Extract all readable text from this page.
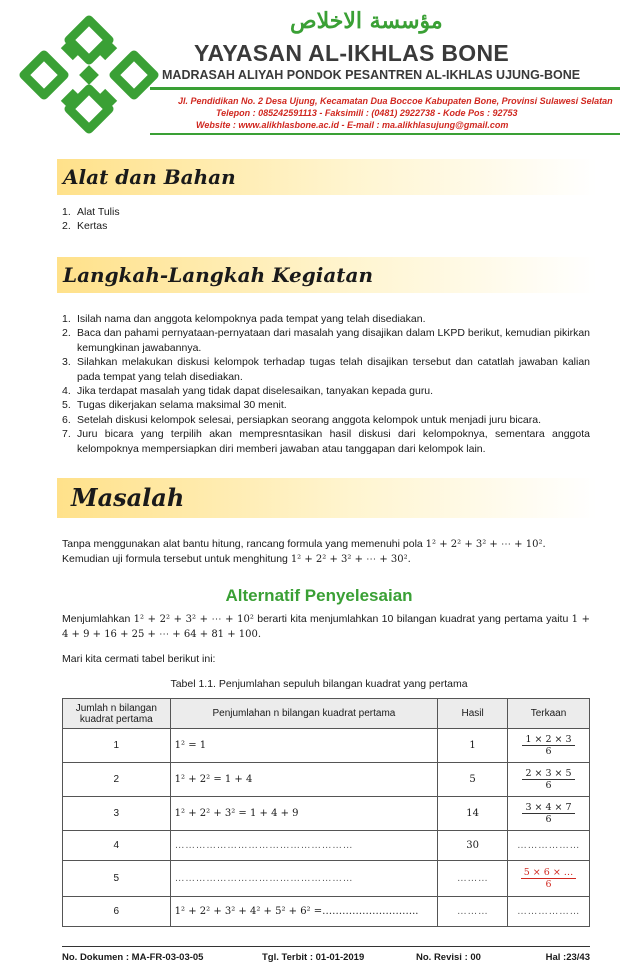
مؤسسة الاخلاص
YAYASAN AL-IKHLAS BONE
MADRASAH ALIYAH PONDOK PESANTREN AL-IKHLAS UJUNG-BONE
Jl. Pendidikan No. 2 Desa Ujung, Kecamatan Dua Boccoe Kabupaten Bone, Provinsi Sulawesi Selatan
Telepon : 085242591113 - Faksimili : (0481) 2922738 - Kode Pos : 92753
Website : www.alikhlasbone.ac.id - E-mail : ma.alikhlasujung@gmail.com
Alat dan Bahan
1. Alat Tulis
2. Kertas
Langkah-Langkah Kegiatan
1. Isilah nama dan anggota kelompoknya pada tempat yang telah disediakan.
2. Baca dan pahami pernyataan-pernyataan dari masalah yang disajikan dalam LKPD berikut, kemudian pikirkan kemungkinan jawabannya.
3. Silahkan melakukan diskusi kelompok terhadap tugas telah disajikan tersebut dan catatlah jawaban kalian pada tempat yang telah disediakan.
4. Jika terdapat masalah yang tidak dapat diselesaikan, tanyakan kepada guru.
5. Tugas dikerjakan selama maksimal 30 menit.
6. Setelah diskusi kelompok selesai, persiapkan seorang anggota kelompok untuk menjadi juru bicara.
7. Juru bicara yang terpilih akan mempresntasikan hasil diskusi dari kelompoknya, sementara anggota kelompoknya mempersiapkan diri memberi jawaban atau tanggapan dari kelompok lain.
Masalah
Tanpa menggunakan alat bantu hitung, rancang formula yang memenuhi pola 1² + 2² + 3² + ⋯ + 10².
Kemudian uji formula tersebut untuk menghitung 1² + 2² + 3² + ⋯ + 30².
Alternatif Penyelesaian
Menjumlahkan 1² + 2² + 3² + ⋯ + 10² berarti kita menjumlahkan 10 bilangan kuadrat yang pertama yaitu 1 + 4 + 9 + 16 + 25 + ⋯ + 64 + 81 + 100.
Mari kita cermati tabel berikut ini:
Tabel 1.1. Penjumlahan sepuluh bilangan kuadrat yang pertama
Jumlah n bilangan kuadrat pertama	Penjumlahan n bilangan kuadrat pertama	Hasil	Terkaan
1	1² = 1	1	$\frac{1 \times 2 \times 3}{6}$

2	1² + 2² = 1 + 4	5	$\frac{2 \times 3 \times 5}{6}$

3	1² + 2² + 3² = 1 + 4 + 9	14	$\frac{3 \times 4 \times 7}{6}$

4	……………………………………………	30	………………
5	……………………………………………	………	$\frac{5 \times 6 \times \dots}{6}$

6	1² + 2² + 3² + 4² + 5² + 6² =………………………..	………	………………
No. Dokumen : MA-FR-03-03-05	Tgl. Terbit : 01-01-2019	No. Revisi : 00	Hal :23/43
